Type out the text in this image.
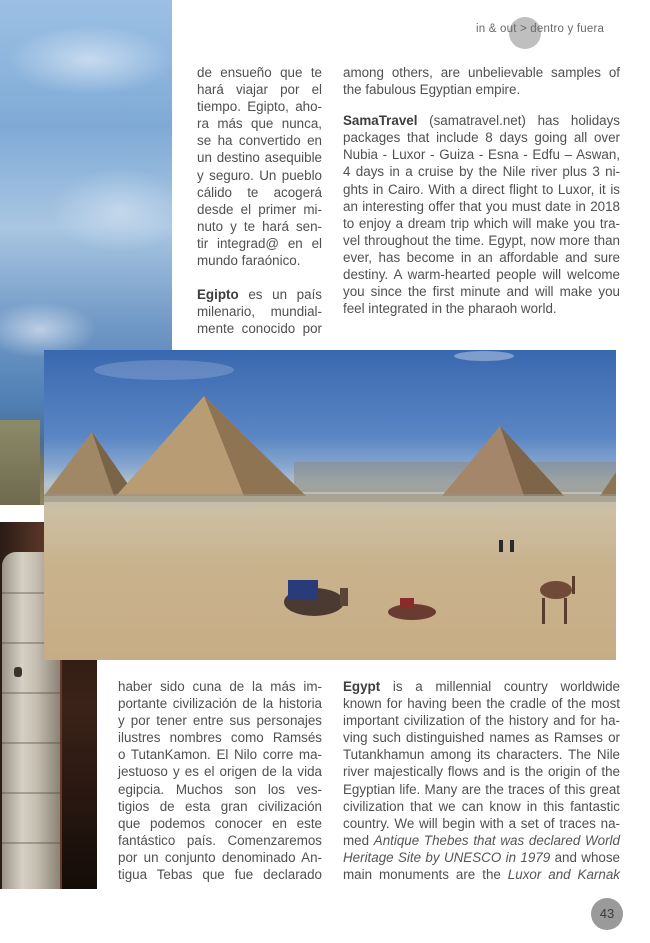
in & out > dentro y fuera
de ensueño que te
hará viajar por el
tiempo. Egipto, aho-
ra más que nunca,
se ha convertido en
un destino asequible
y seguro. Un pueblo
cálido te acogerá
desde el primer mi-
nuto y te hará sen-
tir integrad@ en el
mundo faraónico.
Egipto es un país
milenario, mundial-
mente conocido por
among others, are unbelievable samples of
the fabulous Egyptian empire.
SamaTravel (samatravel.net) has holidays
packages that include 8 days going all over
Nubia - Luxor - Guiza - Esna - Edfu – Aswan,
4 days in a cruise by the Nile river plus 3 ni-
ghts in Cairo. With a direct flight to Luxor, it is
an interesting offer that you must date in 2018
to enjoy a dream trip which will make you tra-
vel throughout the time. Egypt, now more than
ever, has become in an affordable and sure
destiny. A warm-hearted people will welcome
you since the first minute and will make you
feel integrated in the pharaoh world.
haber sido cuna de la más im-
portante civilización de la historia
y por tener entre sus personajes
ilustres nombres como Ramsés
o TutanKamon. El Nilo corre ma-
jestuoso y es el origen de la vida
egipcia. Muchos son los ves-
tigios de esta gran civilización
que podemos conocer en este
fantástico país. Comenzaremos
por un conjunto denominado An-
tigua Tebas que fue declarado
Egypt is a millennial country worldwide
known for having been the cradle of the most
important civilization of the history and for ha-
ving such distinguished names as Ramses or
Tutankhamun among its characters. The Nile
river majestically flows and is the origin of the
Egyptian life. Many are the traces of this great
civilization that we can know in this fantastic
country. We will begin with a set of traces na-
med Antique Thebes that was declared World
Heritage Site by UNESCO in 1979 and whose
main monuments are the Luxor and Karnak
43
